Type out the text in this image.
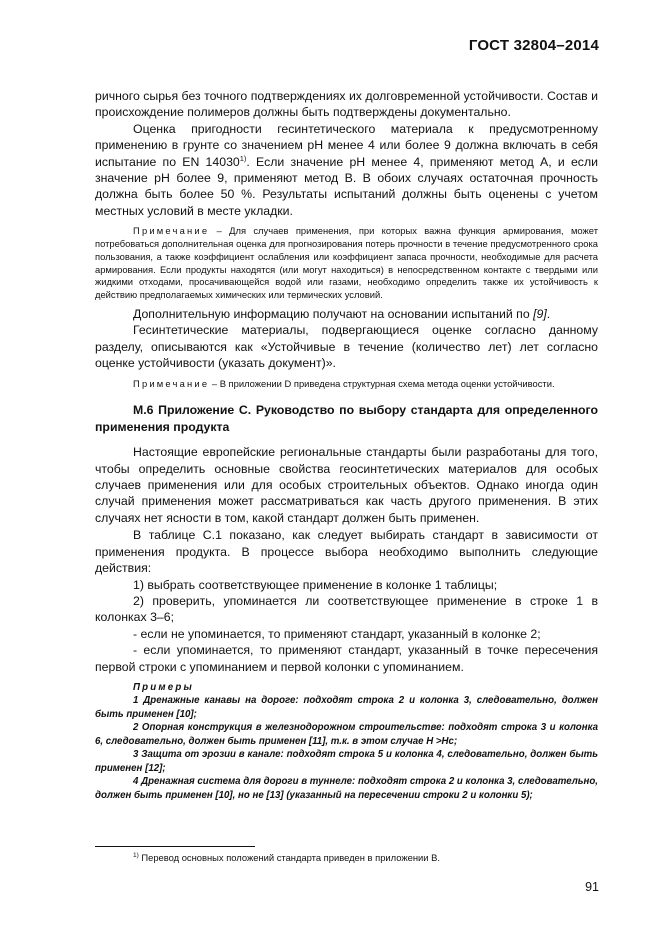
ГОСТ 32804–2014

ричного сырья без точного подтверждениях их долговременной устойчивости. Состав и происхождение полимеров должны быть подтверждены документально.

Оценка пригодности гесинтетического материала к предусмотренному применению в грунте со значением рН менее 4 или более 9 должна включать в себя испытание по EN 14030$^{1)}$. Если значение рН менее 4, применяют метод А, и если значение рН более 9, применяют метод В. В обоих случаях остаточная прочность должна быть более 50 %. Результаты испытаний должны быть оценены с учетом местных условий в месте укладки.

Примечание – Для случаев применения, при которых важна функция армирования, может потребоваться дополнительная оценка для прогнозирования потерь прочности в течение предусмотренного срока пользования, а также коэффициент ослабления или коэффициент запаса прочности, необходимые для расчета армирования. Если продукты находятся (или могут находиться) в непосредственном контакте с твердыми или жидкими отходами, просачивающейся водой или газами, необходимо определить также их устойчивость к действию предполагаемых химических или термических условий.

Дополнительную информацию получают на основании испытаний по [9].

Гесинтетические материалы, подвергающиеся оценке согласно данному разделу, описываются как «Устойчивые в течение (количество лет) лет согласно оценке устойчивости (указать документ)».

Примечание – В приложении D приведена структурная схема метода оценки устойчивости.

М.6 Приложение С. Руководство по выбору стандарта для определенного применения продукта

Настоящие европейские региональные стандарты были разработаны для того, чтобы определить основные свойства геосинтетических материалов для особых случаев применения или для особых строительных объектов. Однако иногда один случай применения может рассматриваться как часть другого применения. В этих случаях нет ясности в том, какой стандарт должен быть применен.

В таблице С.1 показано, как следует выбирать стандарт в зависимости от применения продукта. В процессе выбора необходимо выполнить следующие действия:

1) выбрать соответствующее применение в колонке 1 таблицы;

2) проверить, упоминается ли соответствующее применение в строке 1 в колонках 3–6;

- если не упоминается, то применяют стандарт, указанный в колонке 2;

- если упоминается, то применяют стандарт, указанный в точке пересечения первой строки с упоминанием и первой колонки с упоминанием.

Примеры

1 Дренажные канавы на дороге: подходят строка 2 и колонка 3, следовательно, должен быть применен [10];

2 Опорная конструкция в железнодорожном строительстве: подходят строка 3 и колонка 6, следовательно, должен быть применен [11], т.к. в этом случае Н >Нс;

3 Защита от эрозии в канале: подходят строка 5 и колонка 4, следовательно, должен быть применен [12];

4 Дренажная система для дороги в туннеле: подходят строка 2 и колонка 3, следовательно, должен быть применен [10], но не [13] (указанный на пересечении строки 2 и колонки 5);

$^{1)}$ Перевод основных положений стандарта приведен в приложении В.
91
